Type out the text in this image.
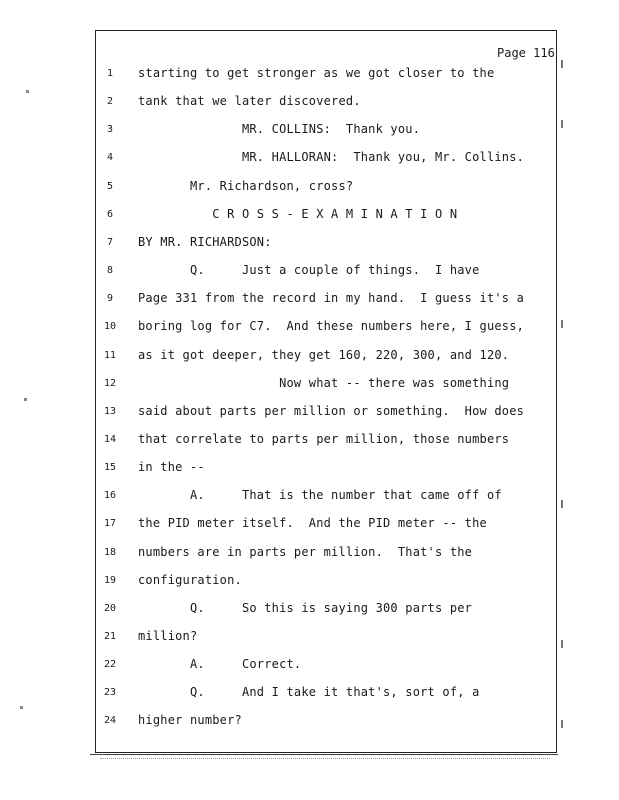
Page 116
1	starting to get stronger as we got closer to the
2	tank that we later discovered.
3	MR. COLLINS:  Thank you.
4	MR. HALLORAN:  Thank you, Mr. Collins.
5	Mr. Richardson, cross?
6	C R O S S - E X A M I N A T I O N
7	BY MR. RICHARDSON:
8	Q.     Just a couple of things.  I have
9	Page 331 from the record in my hand.  I guess it's a
10	boring log for C7.  And these numbers here, I guess,
11	as it got deeper, they get 160, 220, 300, and 120.
12	Now what -- there was something
13	said about parts per million or something.  How does
14	that correlate to parts per million, those numbers
15	in the --
16	A.     That is the number that came off of
17	the PID meter itself.  And the PID meter -- the
18	numbers are in parts per million.  That's the
19	configuration.
20	Q.     So this is saying 300 parts per
21	million?
22	A.     Correct.
23	Q.     And I take it that's, sort of, a
24	higher number?
